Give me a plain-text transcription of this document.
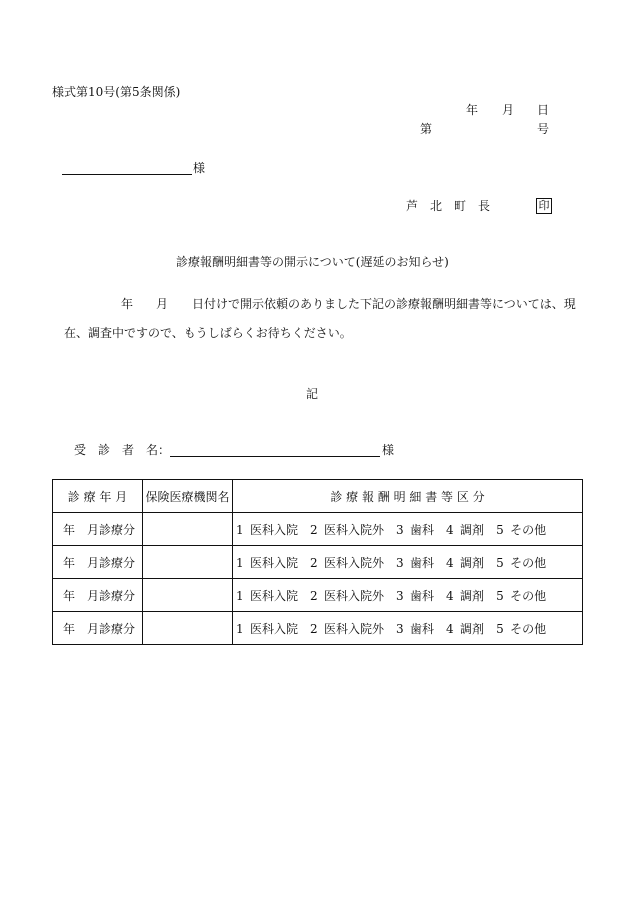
様式第10号(第5条関係)
年 月 日
第	号
様
芦　北　町　長	印
診療報酬明細書等の開示について(遅延のお知らせ)
年 月 日付けで開示依頼のありました下記の診療報酬明細書等については、現
在、調査中ですので、もうしばらくお待ちください。
記
受　診　者　名：	様
診 療 年 月	保険医療機関名	診 療 報 酬 明 細 書 等 区 分
年　月診療分		1 医科入院 2 医科入院外 3 歯科 4 調剤 5 その他
年　月診療分		1 医科入院 2 医科入院外 3 歯科 4 調剤 5 その他
年　月診療分		1 医科入院 2 医科入院外 3 歯科 4 調剤 5 その他
年　月診療分		1 医科入院 2 医科入院外 3 歯科 4 調剤 5 その他
